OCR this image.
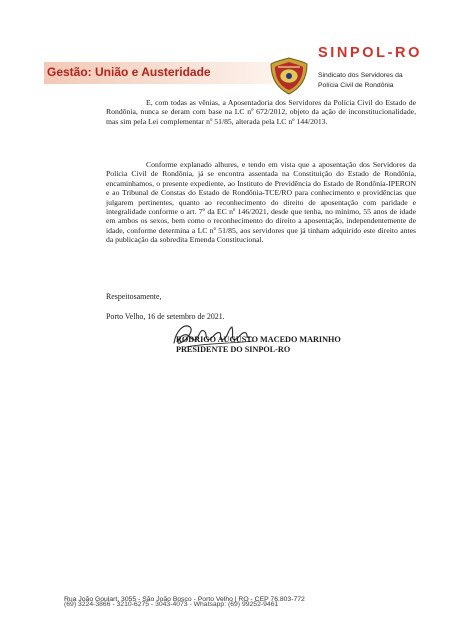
Gestão: União e Austeridade
SINPOL-RO
Sindicato dos Servidores da
Polícia Civil de Rondônia
E, com todas as vênias, a Aposentadoria dos Servidores da Polícia Civil do Estado de Rondônia, nunca se deram com base na LC nº 672/2012, objeto da ação de inconstitucionalidade, mas sim pela Lei complementar nº 51/85, alterada pela LC nº 144/2013.
Conforme explanado alhures, e tendo em vista que a aposentação dos Servidores da Polícia Civil de Rondônia, já se encontra assentada na Constituição do Estado de Rondônia, encaminhamos, o presente expediente, ao Instituto de Previdência do Estado de Rondônia-IPERON e ao Tribunal de Constas do Estado de Rondônia-TCE/RO para conhecimento e providências que julgarem pertinentes, quanto ao reconhecimento do direito de aposentação com paridade e integralidade conforme o art. 7º da EC nº 146/2021, desde que tenha, no mínimo, 55 anos de idade em ambos os sexos, bem como o reconhecimento do direito a aposentação, independentemente de idade, conforme determina a LC nº 51/85, aos servidores que já tinham adquirido este direito antes da publicação da sobredita Emenda Constitucional.
Respeitosamente,
Porto Velho, 16 de setembro de 2021.
RODRIGO AUGUSTO MACEDO MARINHO
PRESIDENTE DO SINPOL-RO
Rua João Goulart, 3055 - São João Bosco - Porto Velho | RO - CEP 76.803-772
(69) 3224-3866 - 3210-6275 - 3043-4073 - Whatsapp: (69) 99252-9461
